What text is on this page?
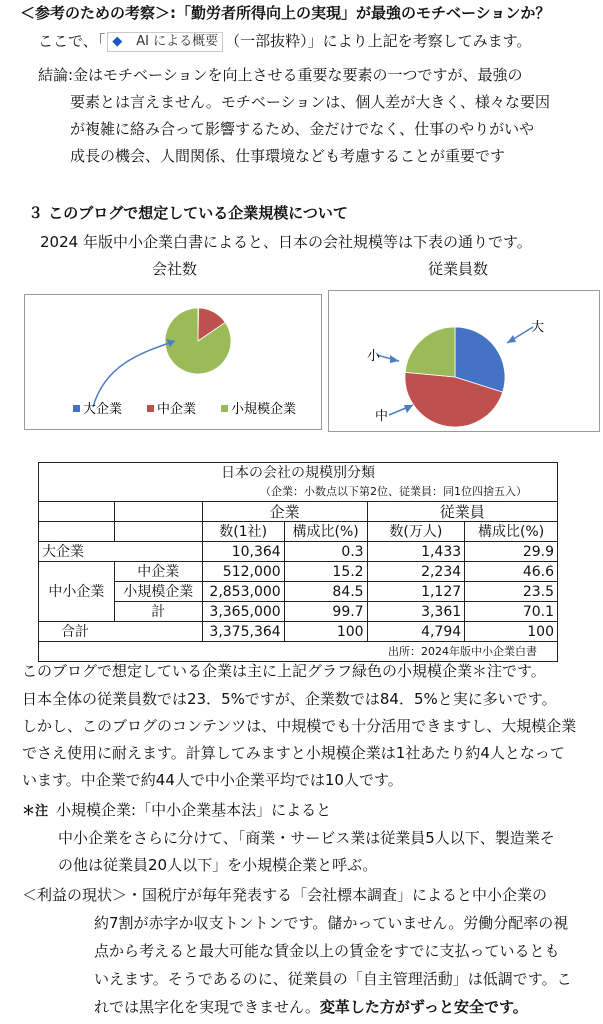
＜参考のための考察＞:「勤労者所得向上の実現」が最強のモチベーションか？
ここで、「 ◆ AI による概要 （一部抜粋）」により上記を考察してみます。
結論:金はモチベーションを向上させる重要な要素の一つですが、最強の
要素とは言えません。モチベーションは、個人差が大きく、様々な要因
が複雑に絡み合って影響するため、金だけでなく、仕事のやりがいや
成長の機会、人間関係、仕事環境なども考慮することが重要です
３ このブログで想定している企業規模について
2024 年版中小企業白書によると、日本の会社規模等は下表の通りです。
会社数	従業員数
大企業	中企業	小規模企業
大
小
中
日本の会社の規模別分類					
（企業：小数点以下第2位、従業員：同1位四捨五入）					
		企業		従業員	
		数(1社)	構成比(%)	数(万人)	構成比(%)
大企業		10,364	0.3	1,433	29.9
中小企業	中企業	512,000	15.2	2,234	46.6
	小規模企業	2,853,000	84.5	1,127	23.5
	計	3,365,000	99.7	3,361	70.1
合計		3,375,364	100	4,794	100
出所：2024年版中小企業白書					
このブログで想定している企業は主に上記グラフ緑色の小規模企業＊注です。
日本全体の従業員数では23．5%ですが、企業数では84．5%と実に多いです。
しかし、このブログのコンテンツは、中規模でも十分活用できますし、大規模企業
でさえ使用に耐えます。計算してみますと小規模企業は1社あたり約4人となって
います。中企業で約44人で中小企業平均では10人です。
＊注 小規模企業:「中小企業基本法」によると
中小企業をさらに分けて、「商業・サービス業は従業員5人以下、製造業そ
の他は従業員20人以下」を小規模企業と呼ぶ。
＜利益の現状＞・国税庁が毎年発表する「会社標本調査」によると中小企業の
約7割が赤字か収支トントンです。儲かっていません。労働分配率の視
点から考えると最大可能な賃金以上の賃金をすでに支払っているとも
いえます。そうであるのに、従業員の「自主管理活動」は低調です。こ
れでは黒字化を実現できません。変革した方がずっと安全です。
